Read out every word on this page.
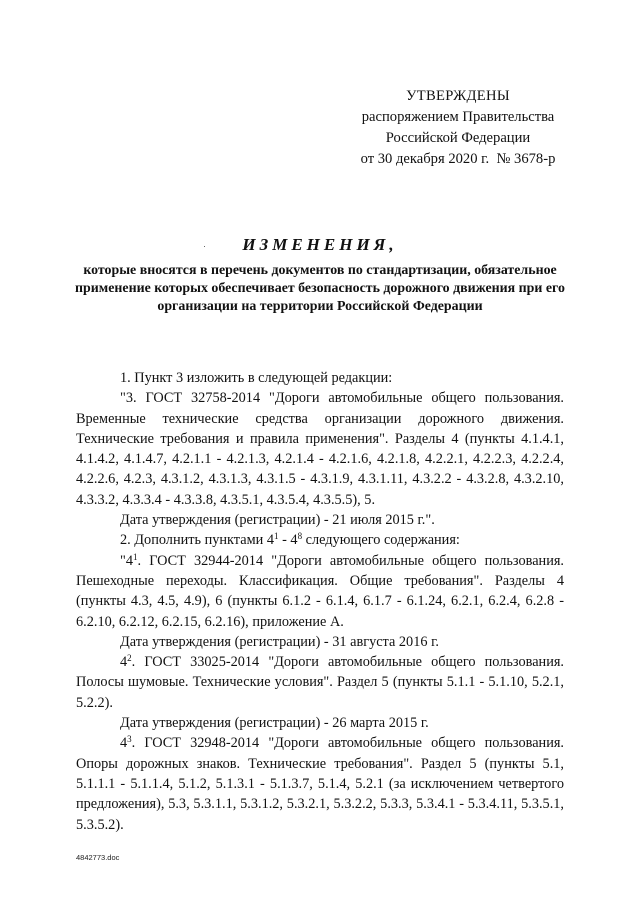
УТВЕРЖДЕНЫ
распоряжением Правительства
Российской Федерации
от 30 декабря 2020 г.  № 3678-р
ИЗМЕНЕНИЯ,
которые вносятся в перечень документов по стандартизации, обязательное применение которых обеспечивает безопасность дорожного движения при его организации на территории Российской Федерации

1. Пункт 3 изложить в следующей редакции:

"3. ГОСТ 32758-2014 "Дороги автомобильные общего пользования. Временные технические средства организации дорожного движения. Технические требования и правила применения". Разделы 4 (пункты 4.1.4.1, 4.1.4.2, 4.1.4.7, 4.2.1.1 - 4.2.1.3, 4.2.1.4 - 4.2.1.6, 4.2.1.8, 4.2.2.1, 4.2.2.3, 4.2.2.4, 4.2.2.6, 4.2.3, 4.3.1.2, 4.3.1.3, 4.3.1.5 - 4.3.1.9, 4.3.1.11, 4.3.2.2 - 4.3.2.8, 4.3.2.10, 4.3.3.2, 4.3.3.4 - 4.3.3.8, 4.3.5.1, 4.3.5.4, 4.3.5.5), 5.

Дата утверждения (регистрации) - 21 июля 2015 г.".

2. Дополнить пунктами $4^1 - 4^8$ следующего содержания:

"$4^1$. ГОСТ 32944-2014 "Дороги автомобильные общего пользования. Пешеходные переходы. Классификация. Общие требования". Разделы 4 (пункты 4.3, 4.5, 4.9), 6 (пункты 6.1.2 - 6.1.4, 6.1.7 - 6.1.24, 6.2.1, 6.2.4, 6.2.8 - 6.2.10, 6.2.12, 6.2.15, 6.2.16), приложение А.

Дата утверждения (регистрации) - 31 августа 2016 г.

$4^2$. ГОСТ 33025-2014 "Дороги автомобильные общего пользования. Полосы шумовые. Технические условия". Раздел 5 (пункты 5.1.1 - 5.1.10, 5.2.1, 5.2.2).

Дата утверждения (регистрации) - 26 марта 2015 г.

$4^3$. ГОСТ 32948-2014 "Дороги автомобильные общего пользования. Опоры дорожных знаков. Технические требования". Раздел 5 (пункты 5.1, 5.1.1.1 - 5.1.1.4, 5.1.2, 5.1.3.1 - 5.1.3.7, 5.1.4, 5.2.1 (за исключением четвертого предложения), 5.3, 5.3.1.1, 5.3.1.2, 5.3.2.1, 5.3.2.2, 5.3.3, 5.3.4.1 - 5.3.4.11, 5.3.5.1, 5.3.5.2).

4842773.doc
